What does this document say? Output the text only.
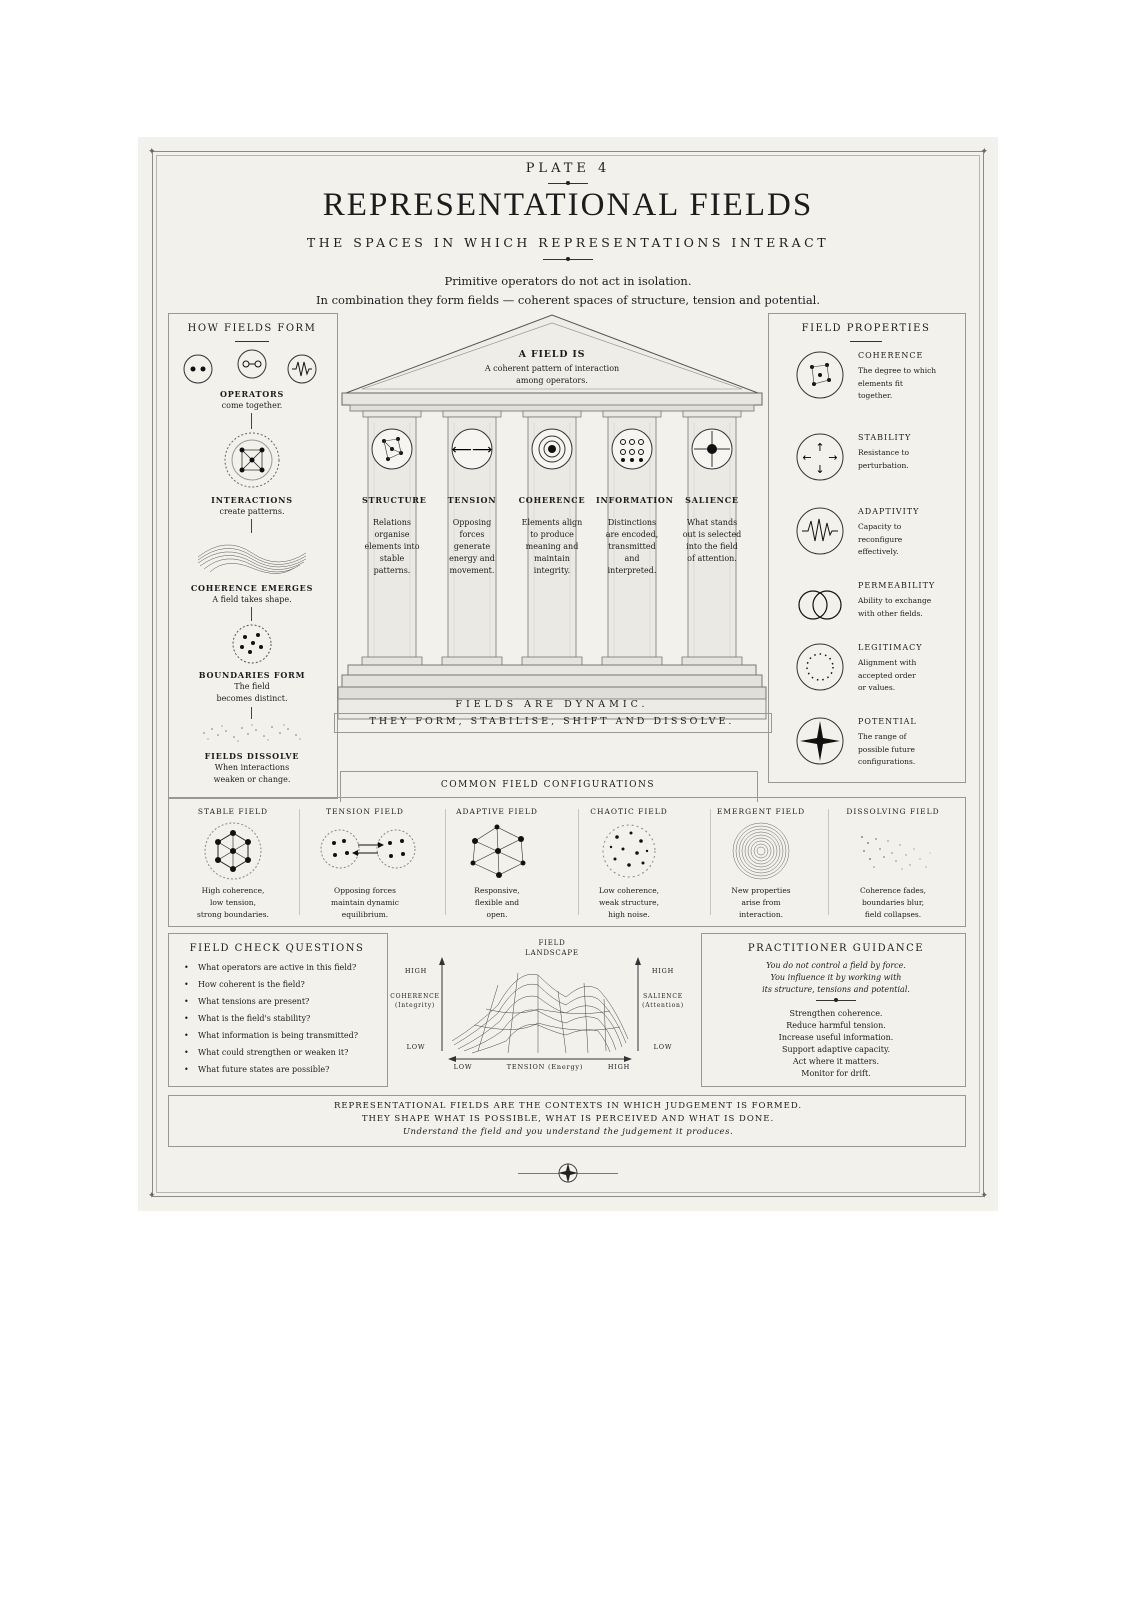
✦	✦
✦	✦
PLATE 4
REPRESENTATIONAL FIELDS
THE SPACES IN WHICH REPRESENTATIONS INTERACT
Primitive operators do not act in isolation.
In combination they form fields — coherent spaces of structure, tension and potential.
HOW FIELDS FORM
OPERATORS
come together.
INTERACTIONS
create patterns.
COHERENCE EMERGES
A field takes shape.
BOUNDARIES FORM
The field
becomes distinct.
FIELDS DISSOLVE
When interactions
weaken or change.
⟵⟶
A FIELD IS
A coherent pattern of interaction
among operators.
STRUCTURE
Relations
organise
elements into
stable
patterns.
TENSION
Opposing
forces
generate
energy and
movement.
COHERENCE
Elements align
to produce
meaning and
maintain
integrity.
INFORMATION
Distinctions
are encoded,
transmitted
and
interpreted.
SALIENCE
What stands
out is selected
into the field
of attention.
FIELDS ARE DYNAMIC.
THEY FORM, STABILISE, SHIFT AND DISSOLVE.
FIELD PROPERTIES
COHERENCE
The degree to which
elements fit
together.
↑
↓
← →
STABILITY
Resistance to
perturbation.
ADAPTIVITY
Capacity to
reconfigure
effectively.
PERMEABILITY
Ability to exchange
with other fields.
LEGITIMACY
Alignment with
accepted order
or values.
POTENTIAL
The range of
possible future
configurations.
COMMON FIELD CONFIGURATIONS
STABLE FIELD
High coherence,
low tension,
strong boundaries.
TENSION FIELD
Opposing forces
maintain dynamic
equilibrium.
ADAPTIVE FIELD
Responsive,
flexible and
open.
CHAOTIC FIELD
Low coherence,
weak structure,
high noise.
EMERGENT FIELD
New properties
arise from
interaction.
DISSOLVING FIELD
Coherence fades,
boundaries blur,
field collapses.
FIELD CHECK QUESTIONS
• What operators are active in this field?
• How coherent is the field?
• What tensions are present?
• What is the field's stability?
• What information is being transmitted?
• What could strengthen or weaken it?
• What future states are possible?
FIELD
LANDSCAPE
HIGH
COHERENCE
(Integrity)
LOW
HIGH
SALIENCE
(Attention)
LOW
LOW	TENSION (Energy)	HIGH
PRACTITIONER GUIDANCE
You do not control a field by force.
You influence it by working with
its structure, tensions and potential.
Strengthen coherence.
Reduce harmful tension.
Increase useful information.
Support adaptive capacity.
Act where it matters.
Monitor for drift.
REPRESENTATIONAL FIELDS ARE THE CONTEXTS IN WHICH JUDGEMENT IS FORMED.
THEY SHAPE WHAT IS POSSIBLE, WHAT IS PERCEIVED AND WHAT IS DONE.
Understand the field and you understand the judgement it produces.
